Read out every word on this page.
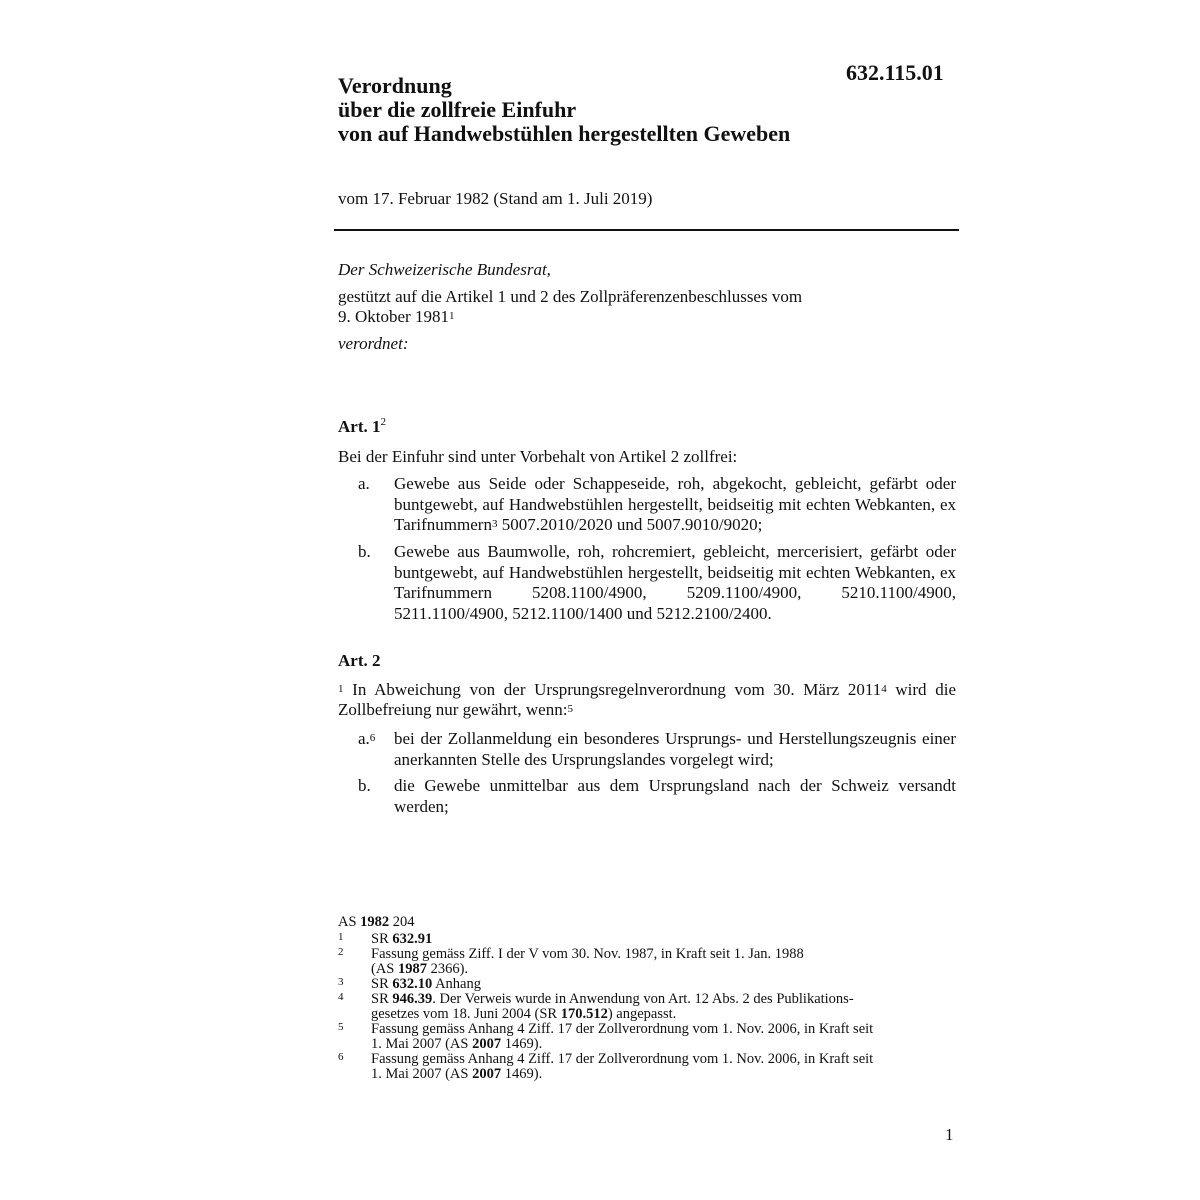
632.115.01
Verordnung
über die zollfreie Einfuhr
von auf Handwebstühlen hergestellten Geweben
vom 17. Februar 1982 (Stand am 1. Juli 2019)
Der Schweizerische Bundesrat,
gestützt auf die Artikel 1 und 2 des Zollpräferenzenbeschlusses vom
9. Oktober 1981$^1$
verordnet:
Art. $1^2$
Bei der Einfuhr sind unter Vorbehalt von Artikel 2 zollfrei:
a. Gewebe aus Seide oder Schappeseide, roh, abgekocht, gebleicht, gefärbt oder buntgewebt, auf Handwebstühlen hergestellt, beidseitig mit echten Webkanten, ex Tarifnummern$^3$ 5007.2010/2020 und 5007.9010/9020;
b. Gewebe aus Baumwolle, roh, rohcremiert, gebleicht, mercerisiert, gefärbt oder buntgewebt, auf Handwebstühlen hergestellt, beidseitig mit echten Webkanten, ex Tarifnummern 5208.1100/4900, 5209.1100/4900, 5210.1100/4900, 5211.1100/4900, 5212.1100/1400 und 5212.2100/2400.
Art. 2
$^1$ In Abweichung von der Ursprungsregelnverordnung vom 30. März 2011$^4$ wird die Zollbefreiung nur gewährt, wenn:$^5$
a.$^6$ bei der Zollanmeldung ein besonderes Ursprungs- und Herstellungszeugnis einer anerkannten Stelle des Ursprungslandes vorgelegt wird;
b. die Gewebe unmittelbar aus dem Ursprungsland nach der Schweiz versandt werden;
AS 1982 204
1 SR 632.91
2 Fassung gemäss Ziff. I der V vom 30. Nov. 1987, in Kraft seit 1. Jan. 1988
(AS 1987 2366).
3 SR 632.10 Anhang
4 SR 946.39. Der Verweis wurde in Anwendung von Art. 12 Abs. 2 des Publikations-
gesetzes vom 18. Juni 2004 (SR 170.512) angepasst.
5 Fassung gemäss Anhang 4 Ziff. 17 der Zollverordnung vom 1. Nov. 2006, in Kraft seit
1. Mai 2007 (AS 2007 1469).
6 Fassung gemäss Anhang 4 Ziff. 17 der Zollverordnung vom 1. Nov. 2006, in Kraft seit
1. Mai 2007 (AS 2007 1469).
1
